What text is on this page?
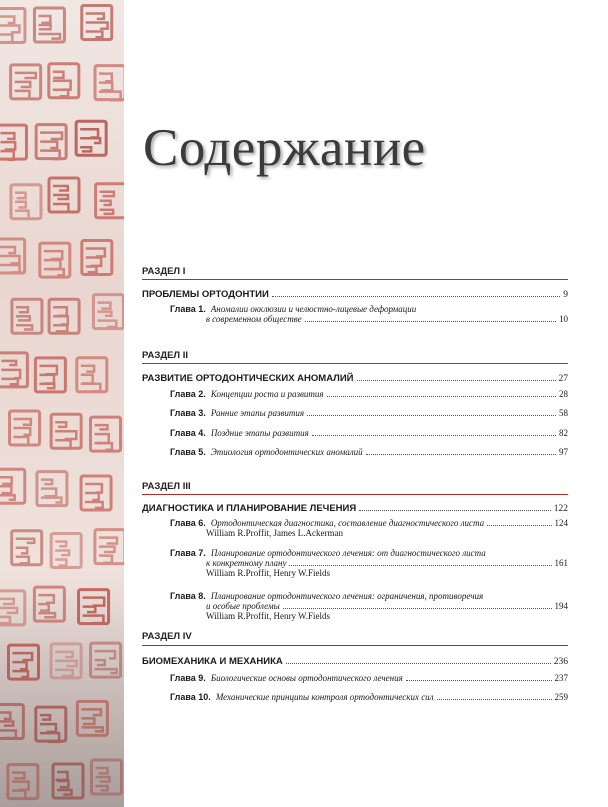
Содержание
РАЗДЕЛ I
ПРОБЛЕМЫ ОРТОДОНТИИ	9
Глава 1. Аномалии окклюзии и челюстно-лицевые деформации
в современном обществе	10
РАЗДЕЛ II
РАЗВИТИЕ ОРТОДОНТИЧЕСКИХ АНОМАЛИЙ	27
Глава 2. Концепции роста и развития	28
Глава 3. Ранние этапы развития	58
Глава 4. Поздние этапы развития	82
Глава 5. Этиология ортодонтических аномалий	97
РАЗДЕЛ III
ДИАГНОСТИКА И ПЛАНИРОВАНИЕ ЛЕЧЕНИЯ	122
Глава 6. Ортодонтическая диагностика, составление диагностического листа	124
William R.Proffit, James L.Ackerman
Глава 7. Планирование ортодонтического лечения: от диагностического листа
к конкретному плану	161
William R.Proffit, Henry W.Fields
Глава 8. Планирование ортодонтического лечения: ограничения, противоречия
и особые проблемы	194
William R.Proffit, Henry W.Fields
РАЗДЕЛ IV
БИОМЕХАНИКА И МЕХАНИКА	236
Глава 9. Биологические основы ортодонтического лечения	237
Глава 10. Механические принципы контроля ортодонтических сил	259
